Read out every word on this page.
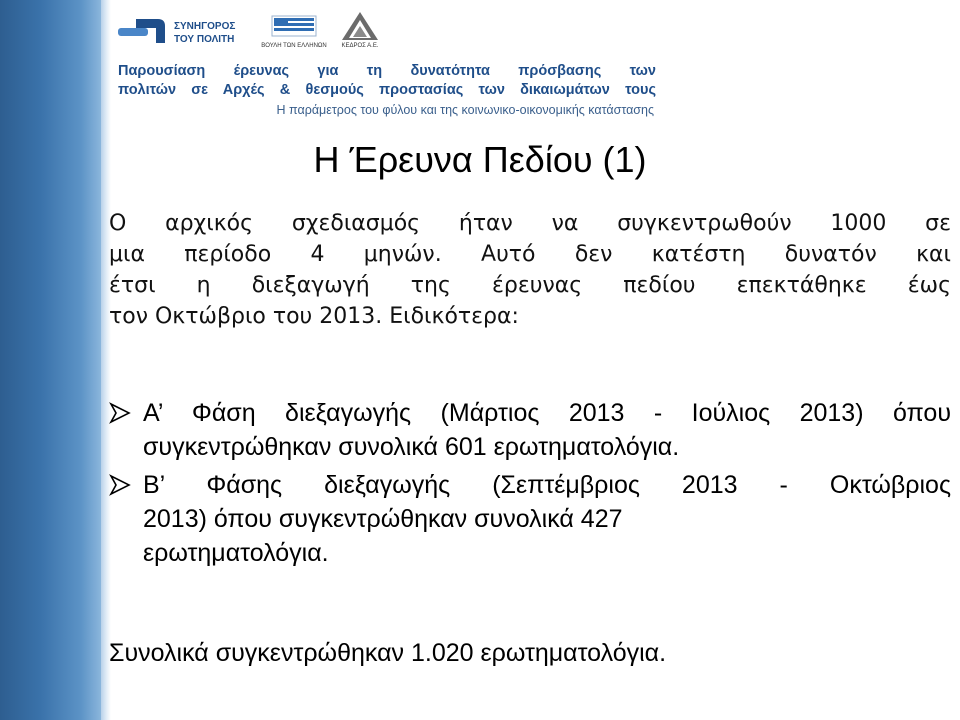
ΣΥΝΗΓΟΡΟΣ
ΤΟΥ ΠΟΛΙΤΗ
ΒΟΥΛΗ ΤΩΝ ΕΛΛΗΝΩΝ	ΚΕΔΡΟΣ Α.Ε.
Παρουσίαση έρευνας για τη δυνατότητα πρόσβασης των
πολιτών σε Αρχές & θεσμούς προστασίας των δικαιωμάτων τους
Η παράμετρος του φύλου και της κοινωνικο-οικονομικής κατάστασης
Η Έρευνα Πεδίου (1)
Ο αρχικός σχεδιασμός ήταν να συγκεντρωθούν 1000 σε
μια περίοδο 4 μηνών. Αυτό δεν κατέστη δυνατόν και
έτσι η διεξαγωγή της έρευνας πεδίου επεκτάθηκε έως
τον Οκτώβριο του 2013. Ειδικότερα:
Α’ Φάση διεξαγωγής (Μάρτιος 2013 - Ιούλιος 2013) όπου
συγκεντρώθηκαν συνολικά 601 ερωτηματολόγια.
Β’ Φάσης διεξαγωγής (Σεπτέμβριος 2013 - Οκτώβριος
2013) όπου συγκεντρώθηκαν συνολικά 427
ερωτηματολόγια.
Συνολικά συγκεντρώθηκαν 1.020 ερωτηματολόγια.
